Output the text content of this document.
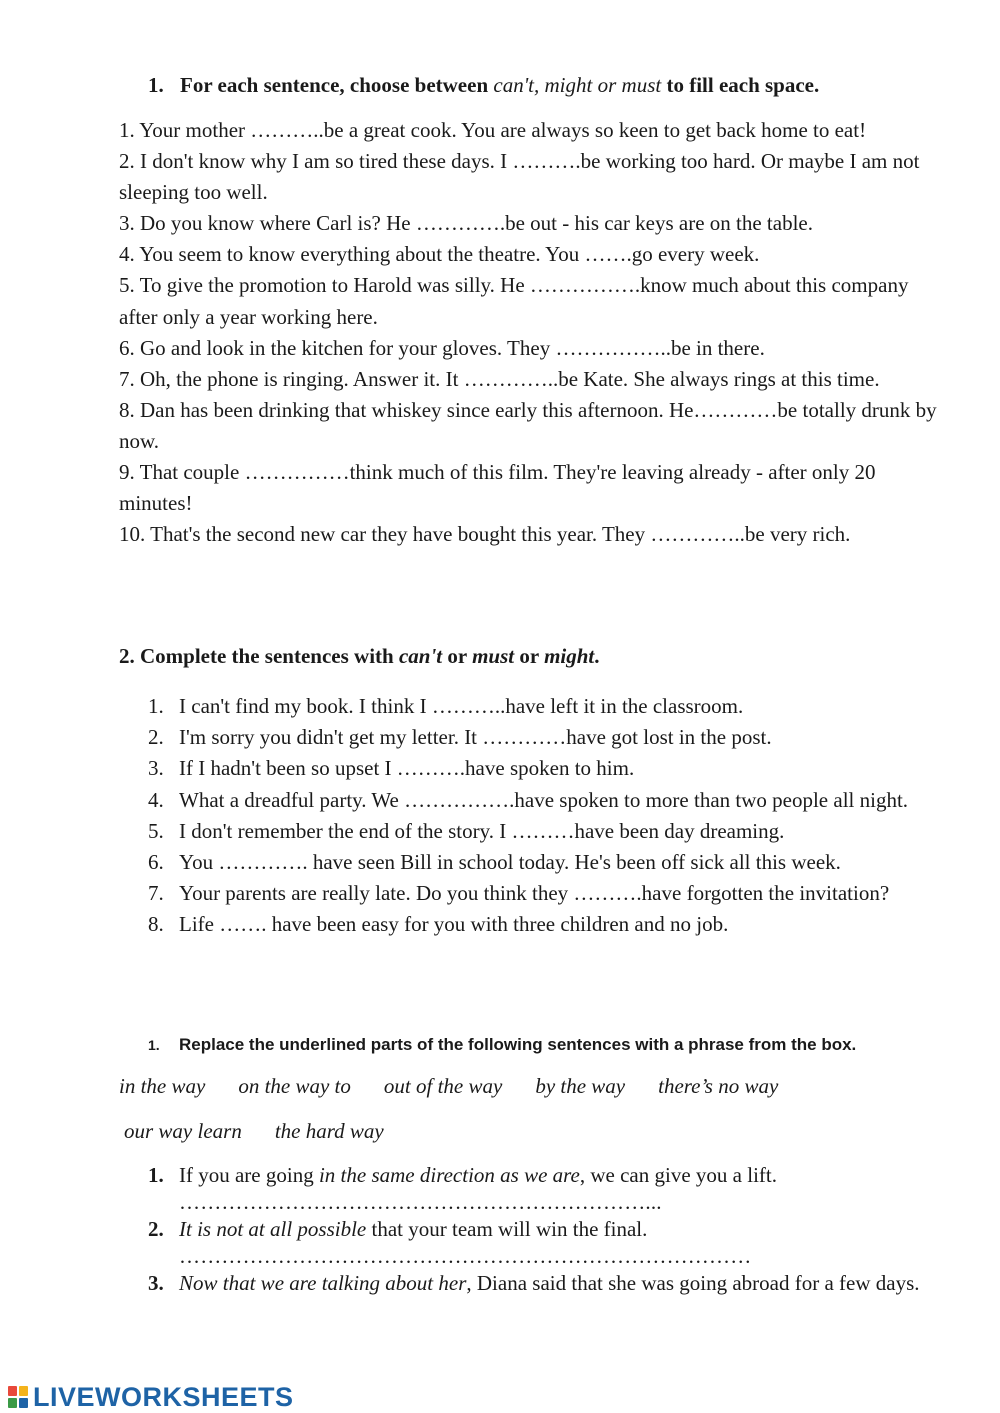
1. For each sentence, choose between can't, might or must to fill each space.

1. Your mother ………..be a great cook. You are always so keen to get back home to eat!

2. I don't know why I am so tired these days. I ……….be working too hard. Or maybe I am not sleeping too well.

3. Do you know where Carl is? He ………….be out - his car keys are on the table.

4. You seem to know everything about the theatre. You …….go every week.

5. To give the promotion to Harold was silly. He …………….know much about this company after only a year working here.

6. Go and look in the kitchen for your gloves. They ……………..be in there.

7. Oh, the phone is ringing. Answer it. It …………..be Kate. She always rings at this time.

8. Dan has been drinking that whiskey since early this afternoon. He…………be totally drunk by now.

9. That couple ……………think much of this film. They're leaving already - after only 20 minutes!

10. That's the second new car they have bought this year. They …………..be very rich.

2. Complete the sentences with can't or must or might.
1. I can't find my book. I think I ………..have left it in the classroom.
2. I'm sorry you didn't get my letter. It …………have got lost in the post.
3. If I hadn't been so upset I ……….have spoken to him.
4. What a dreadful party. We …………….have spoken to more than two people all night.
5. I don't remember the end of the story. I ………have been day dreaming.
6. You …………. have seen Bill in school today. He's been off sick all this week.
7. Your parents are really late. Do you think they ……….have forgotten the invitation?
8. Life ……. have been easy for you with three children and no job.
1. Replace the underlined parts of the following sentences with a phrase from the box.
in the way on the way to out of the way by the way there’s no way
our way learn the hard way
1. If you are going in the same direction as we are, we can give you a lift.
…………………………………………………………...
2. It is not at all possible that your team will win the final.
………………………………………………………………………
3. Now that we are talking about her, Diana said that she was going abroad for a few days.
LIVEWORKSHEETS
